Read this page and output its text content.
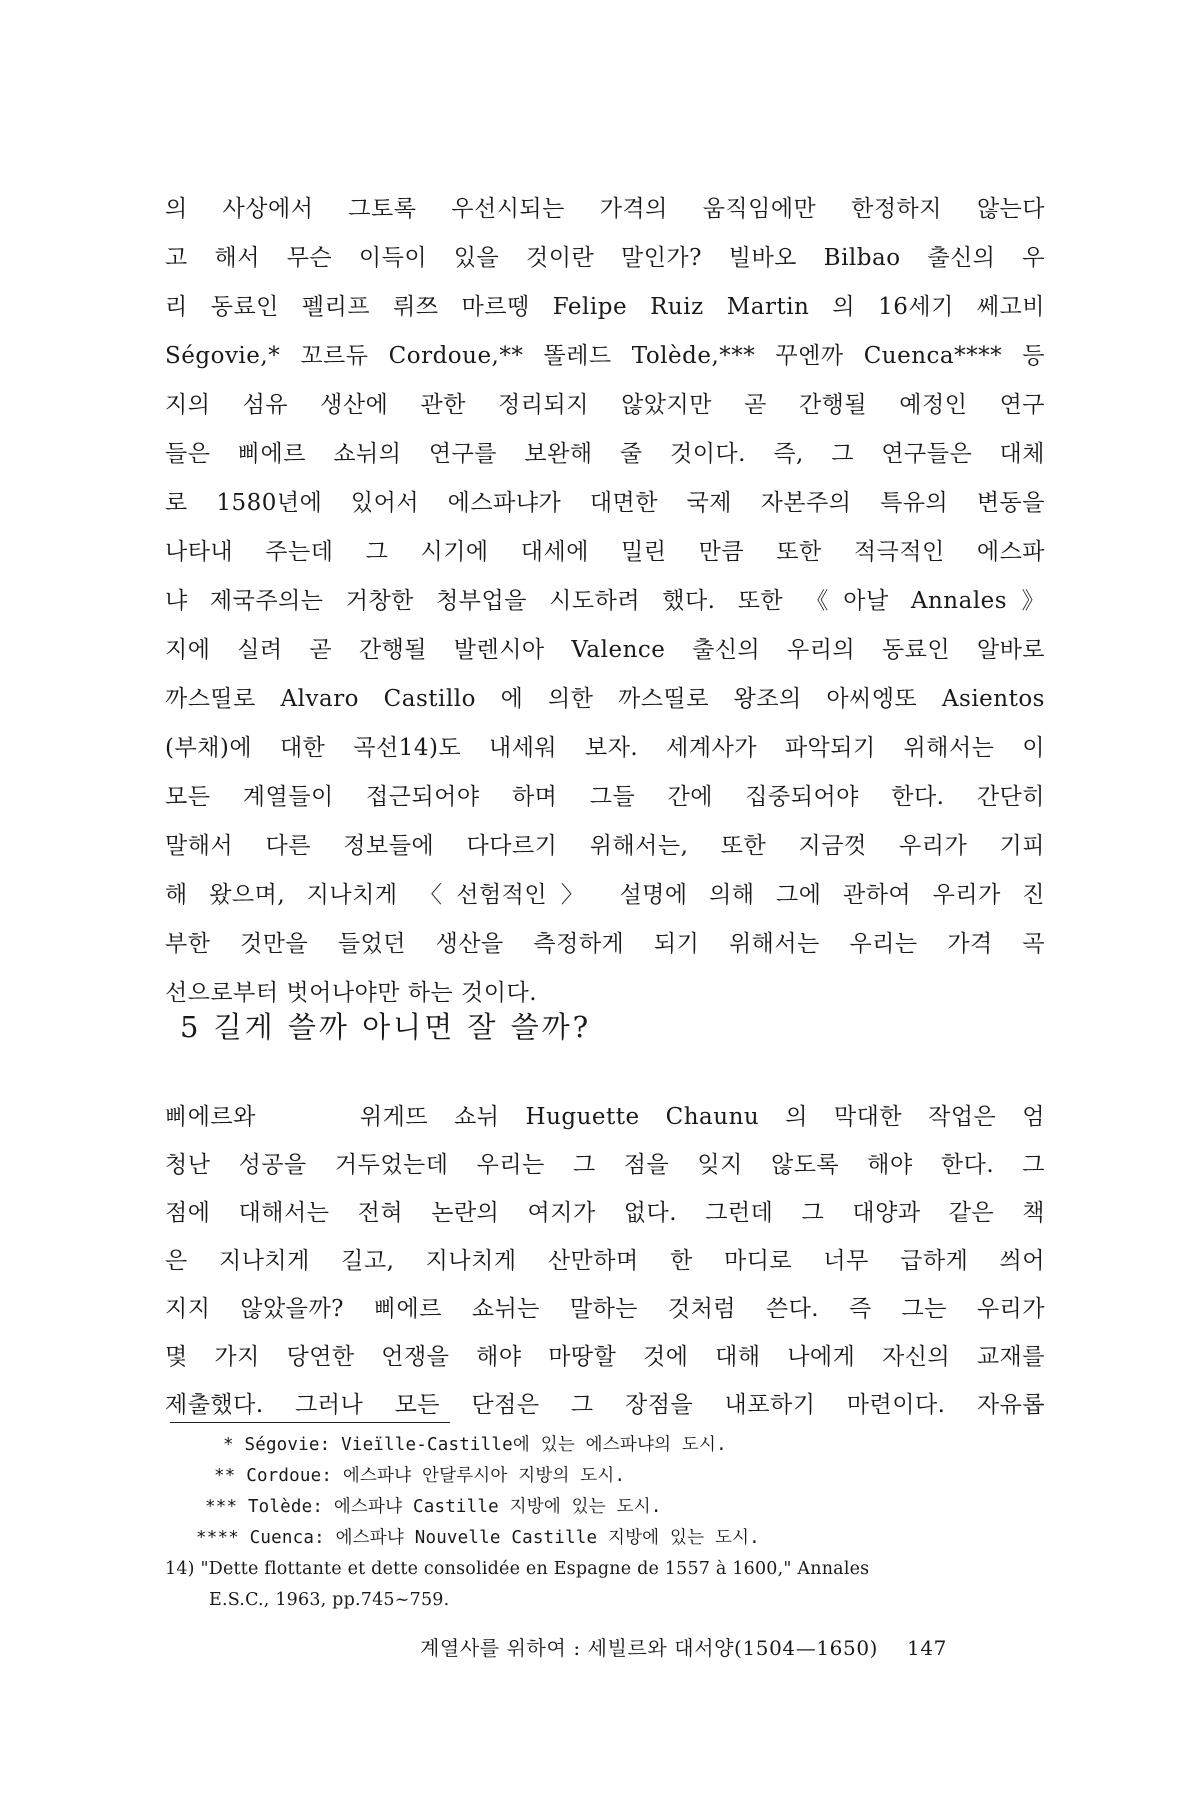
의 사상에서 그토록 우선시되는 가격의 움직임에만 한정하지 않는다
고 해서 무슨 이득이 있을 것이란 말인가? 빌바오 Bilbao 출신의 우
리 동료인 펠리프 뤼쯔 마르뗑 Felipe Ruiz Martin 의 16세기 쎄고비
Ségovie,* 꼬르듀 Cordoue,** 똘레드 Tolède,*** 꾸엔까 Cuenca**** 등
지의 섬유 생산에 관한 정리되지 않았지만 곧 간행될 예정인 연구
들은 삐에르 쇼뉘의 연구를 보완해 줄 것이다. 즉, 그 연구들은 대체
로 1580년에 있어서 에스파냐가 대면한 국제 자본주의 특유의 변동을
나타내 주는데 그 시기에 대세에 밀린 만큼 또한 적극적인 에스파
냐 제국주의는 거창한 청부업을 시도하려 했다. 또한 《아날 Annales》
지에 실려 곧 간행될 발렌시아 Valence 출신의 우리의 동료인 알바로
까스띨로 Alvaro Castillo 에 의한 까스띨로 왕조의 아씨엥또 Asientos
(부채)에 대한 곡선14)도 내세워 보자. 세계사가 파악되기 위해서는 이
모든 계열들이 접근되어야 하며 그들 간에 집중되어야 한다. 간단히
말해서 다른 정보들에 다다르기 위해서는, 또한 지금껏 우리가 기피
해 왔으며, 지나치게 〈선험적인〉 설명에 의해 그에 관하여 우리가 진
부한 것만을 들었던 생산을 측정하게 되기 위해서는 우리는 가격 곡
선으로부터 벗어나야만 하는 것이다.
5 길게 쓸까 아니면 잘 쓸까?
삐에르와    위게뜨 쇼뉘 Huguette Chaunu 의 막대한 작업은 엄
청난 성공을 거두었는데 우리는 그 점을 잊지 않도록 해야 한다. 그
점에 대해서는 전혀 논란의 여지가 없다. 그런데 그 대양과 같은 책
은 지나치게 길고, 지나치게 산만하며 한 마디로 너무 급하게 씌어
지지 않았을까? 삐에르 쇼뉘는 말하는 것처럼 쓴다. 즉 그는 우리가
몇 가지 당연한 언쟁을 해야 마땅할 것에 대해 나에게 자신의 교재를
제출했다. 그러나 모든 단점은 그 장점을 내포하기 마련이다. 자유롭
* Ségovie: Vieïlle-Castille에 있는 에스파냐의 도시.
** Cordoue: 에스파냐 안달루시아 지방의 도시.
*** Tolède: 에스파냐 Castille 지방에 있는 도시.
**** Cuenca: 에스파냐 Nouvelle Castille 지방에 있는 도시.
14) "Dette flottante et dette consolidée en Espagne de 1557 à 1600," Annales
E.S.C., 1963, pp.745~759.
계열사를 위하여 : 세빌르와 대서양(1504—1650) 147
